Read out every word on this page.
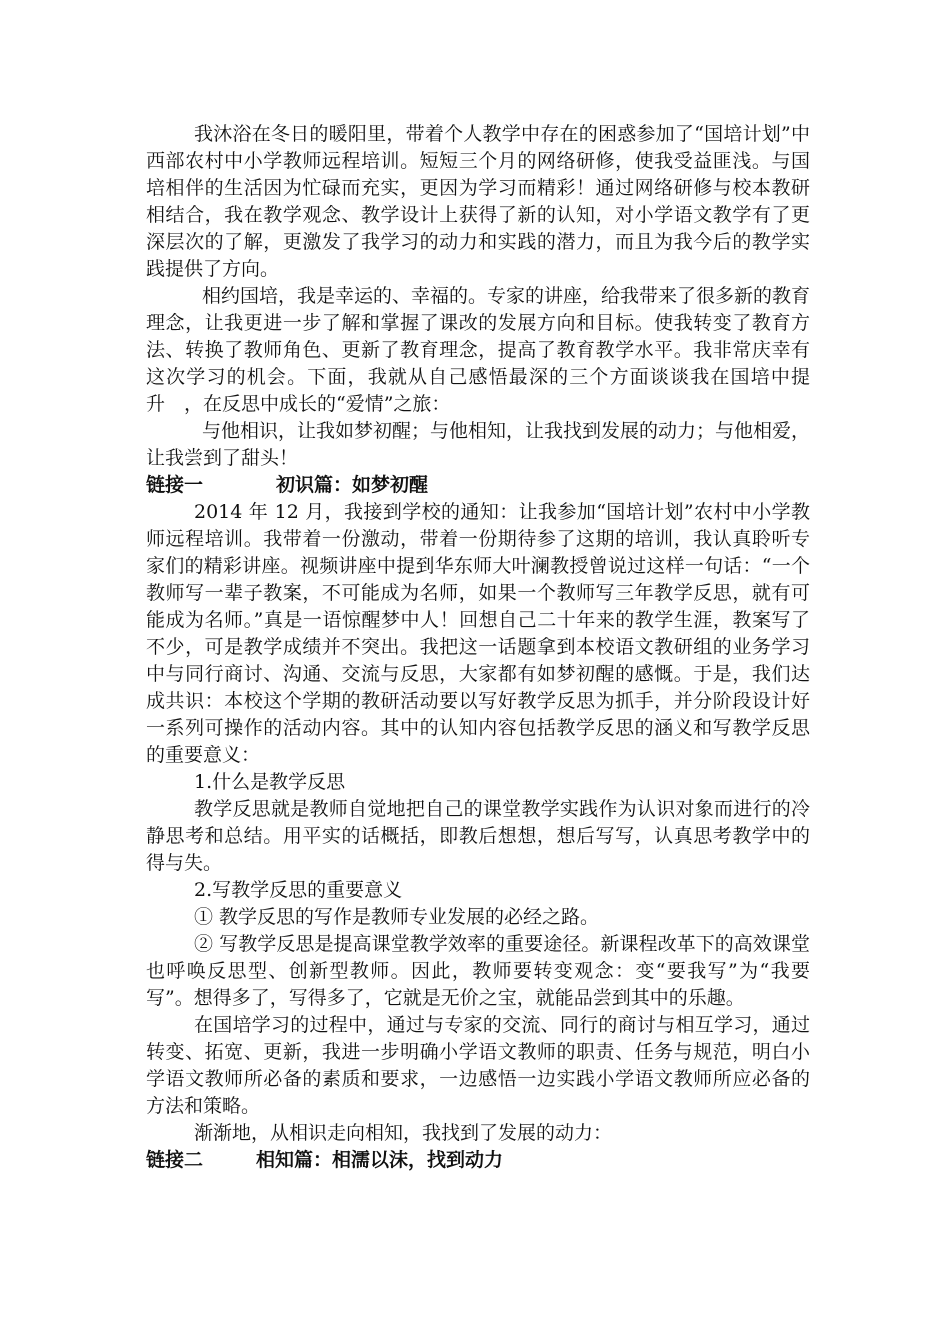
我沐浴在冬日的暖阳里，带着个人教学中存在的困惑参加了“国培计划”中西部农村中小学教师远程培训。短短三个月的网络研修，使我受益匪浅。与国培相伴的生活因为忙碌而充实，更因为学习而精彩！通过网络研修与校本教研相结合，我在教学观念、教学设计上获得了新的认知，对小学语文教学有了更深层次的了解，更激发了我学习的动力和实践的潜力，而且为我今后的教学实践提供了方向。

相约国培，我是幸运的、幸福的。专家的讲座，给我带来了很多新的教育理念，让我更进一步了解和掌握了课改的发展方向和目标。使我转变了教育方法、转换了教师角色、更新了教育理念，提高了教育教学水平。我非常庆幸有这次学习的机会。下面，我就从自己感悟最深的三个方面谈谈我在国培中提升　，在反思中成长的“爱情”之旅：

与他相识，让我如梦初醒；与他相知，让我找到发展的动力；与他相爱，让我尝到了甜头！

链接一	初识篇：如梦初醒

2014 年 12 月，我接到学校的通知：让我参加“国培计划”农村中小学教师远程培训。我带着一份激动，带着一份期待参了这期的培训，我认真聆听专家们的精彩讲座。视频讲座中提到华东师大叶澜教授曾说过这样一句话：“一个教师写一辈子教案，不可能成为名师，如果一个教师写三年教学反思，就有可能成为名师。”真是一语惊醒梦中人！回想自己二十年来的教学生涯，教案写了不少，可是教学成绩并不突出。我把这一话题拿到本校语文教研组的业务学习中与同行商讨、沟通、交流与反思，大家都有如梦初醒的感慨。于是，我们达成共识：本校这个学期的教研活动要以写好教学反思为抓手，并分阶段设计好一系列可操作的活动内容。其中的认知内容包括教学反思的涵义和写教学反思的重要意义：

1.什么是教学反思

教学反思就是教师自觉地把自己的课堂教学实践作为认识对象而进行的冷静思考和总结。用平实的话概括，即教后想想，想后写写，认真思考教学中的得与失。

2.写教学反思的重要意义

① 教学反思的写作是教师专业发展的必经之路。

② 写教学反思是提高课堂教学效率的重要途径。新课程改革下的高效课堂也呼唤反思型、创新型教师。因此，教师要转变观念：变“要我写”为“我要写”。想得多了，写得多了，它就是无价之宝，就能品尝到其中的乐趣。

在国培学习的过程中，通过与专家的交流、同行的商讨与相互学习，通过转变、拓宽、更新，我进一步明确小学语文教师的职责、任务与规范，明白小学语文教师所必备的素质和要求，一边感悟一边实践小学语文教师所应必备的方法和策略。

渐渐地，从相识走向相知，我找到了发展的动力：

链接二	相知篇：相濡以沫，找到动力
